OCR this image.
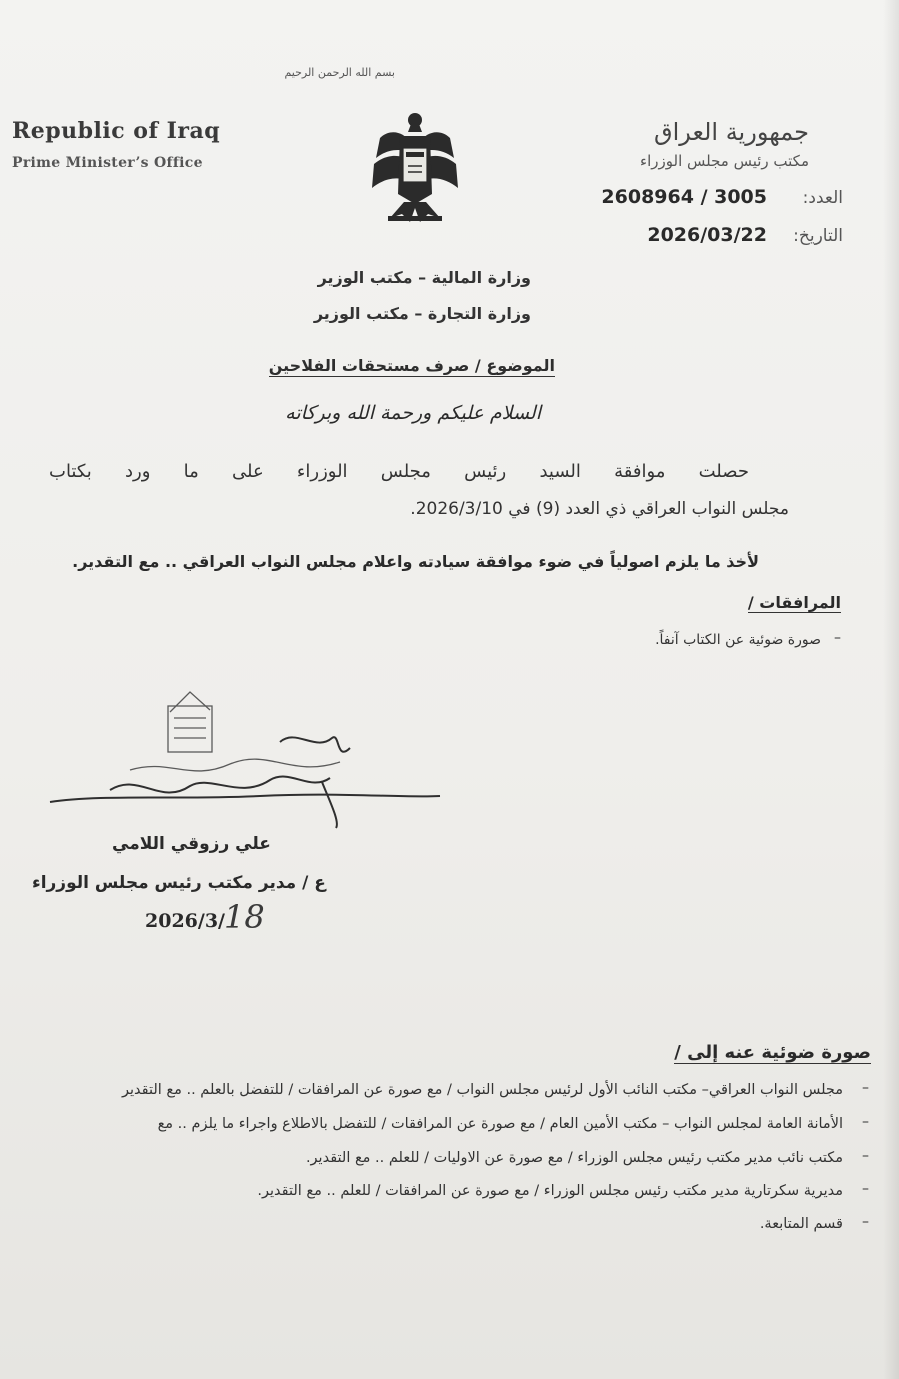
بسم الله الرحمن الرحيم
Republic of Iraq
Prime Minister’s Office
جمهورية العراق
مكتب رئيس مجلس الوزراء
العدد:
2608964 / 3005
التاريخ:
2026/03/22
وزارة المالية – مكتب الوزير
وزارة التجارة – مكتب الوزير
الموضوع / صرف مستحقات الفلاحين
السلام عليكم ورحمة الله وبركاته
حصلت موافقة السيد رئيس مجلس الوزراء على ما ورد بكتاب
مجلس النواب العراقي ذي العدد (9) في 2026/3/10.
لأخذ ما يلزم اصولياً في ضوء موافقة سيادته واعلام مجلس النواب العراقي .. مع التقدير.
المرافقات /
–
صورة ضوئية عن الكتاب آنفاً.
علي رزوقي اللامي
ع / مدير مكتب رئيس مجلس الوزراء
2026/3/ 18
صورة ضوئية عنه إلى /
–
مجلس النواب العراقي– مكتب النائب الأول لرئيس مجلس النواب / مع صورة عن المرافقات / للتفضل بالعلم .. مع التقدير
–
الأمانة العامة لمجلس النواب – مكتب الأمين العام / مع صورة عن المرافقات / للتفضل بالاطلاع واجراء ما يلزم .. مع
–
مكتب نائب مدير مكتب رئيس مجلس الوزراء / مع صورة عن الاوليات / للعلم .. مع التقدير.
–
مديرية سكرتارية مدير مكتب رئيس مجلس الوزراء / مع صورة عن المرافقات / للعلم .. مع التقدير.
–
قسم المتابعة.
